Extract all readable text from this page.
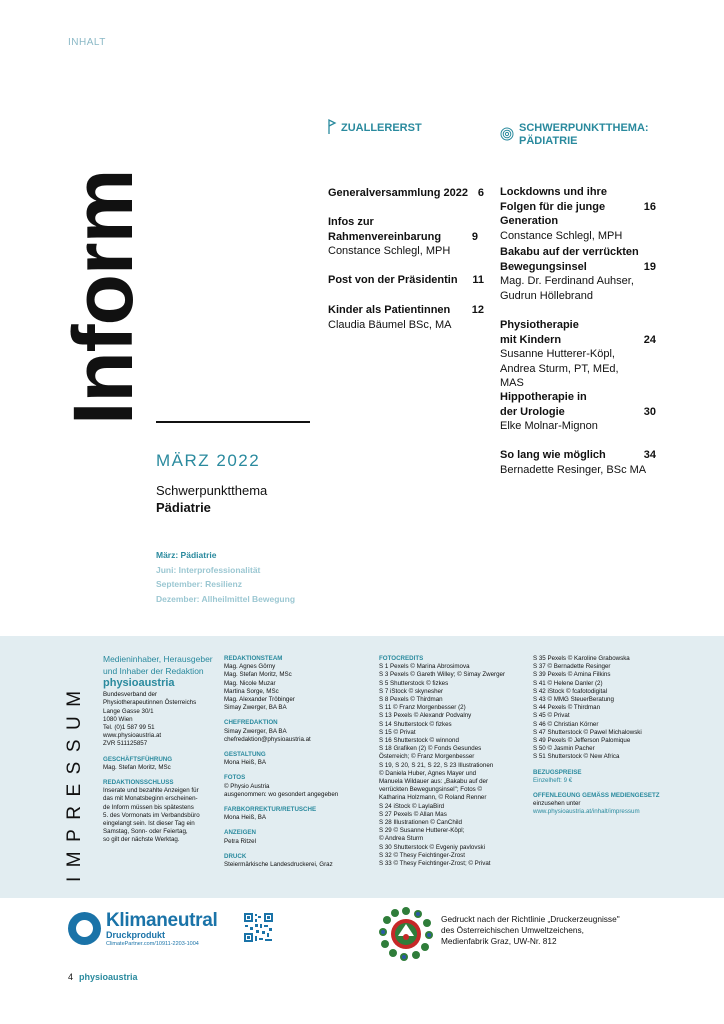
INHALT
Inform
MÄRZ 2022
Schwerpunktthema
Pädiatrie
März: Pädiatrie
Juni: Interprofessionalität
September: Resilienz
Dezember: Allheilmittel Bewegung
ZUALLERERST
Generalversammlung 2022 6
Infos zur Rahmenvereinbarung
Constance Schlegl, MPH
9
Post von der Präsidentin	11
Kinder als Patientinnen
Claudia Bäumel BSc, MA
12
SCHWERPUNKTTHEMA:
PÄDIATRIE
Lockdowns und ihre Folgen für die junge Generation
Constance Schlegl, MPH
16
Bakabu auf der verrückten Bewegungsinsel
Mag. Dr. Ferdinand Auhser, Gudrun Höllebrand
19
Physiotherapie mit Kindern
Susanne Hutterer-Köpl, Andrea Sturm, PT, MEd, MAS
24
Hippotherapie in der Urologie
Elke Molnar-Mignon
30
So lang wie möglich
Bernadette Resinger, BSc MA
34
IMPRESSUM
Medieninhaber, Herausgeber und Inhaber der Redaktion
physioaustria
Bundesverband der
Physiotherapeutinnen Österreichs
Lange Gasse 30/1
1080 Wien
Tel. (0)1 587 99 51
www.physioaustria.at
ZVR 511125857
GESCHÄFTSFÜHRUNG
Mag. Stefan Moritz, MSc
REDAKTIONSSCHLUSS
Inserate und bezahlte Anzeigen für
das mit Monatsbeginn erscheinen-
de Inform müssen bis spätestens
5. des Vormonats im Verbandsbüro
eingelangt sein. Ist dieser Tag ein
Samstag, Sonn- oder Feiertag,
so gilt der nächste Werktag.
REDAKTIONSTEAM
Mag. Agnes Görny
Mag. Stefan Moritz, MSc
Mag. Nicole Muzar
Martina Sorge, MSc
Mag. Alexander Tröbinger
Simay Zwerger, BA BA
CHEFREDAKTION
Simay Zwerger, BA BA
chefredaktion@physioaustria.at
GESTALTUNG
Mona Heiß, BA
FOTOS
© Physio Austria
ausgenommen: wo gesondert angegeben
FARBKORREKTUR/RETUSCHE
Mona Heiß, BA
ANZEIGEN
Petra Ritzel
DRUCK
Steiermärkische Landesdruckerei, Graz
FOTOCREDITS
S 1 Pexels © Marina Abrosimova
S 3 Pexels © Gareth Willey; © Simay Zwerger
S 5 Shutterstock © fizkes
S 7 iStock © skynesher
S 8 Pexels © Thirdman
S 11 © Franz Morgenbesser (2)
S 13 Pexels © Alexandr Podvalny
S 14 Shutterstock © fizkes
S 15 © Privat
S 16 Shutterstock © winnond
S 18 Grafiken (2) © Fonds Gesundes
Österreich; © Franz Morgenbesser
S 19, S 20, S 21, S 22, S 23 Illustrationen
© Daniela Huber, Agnes Mayer und
Manuela Wildauer aus: „Bakabu auf der
verrückten Bewegungsinsel"; Fotos ©
Katharina Holzmann, © Roland Renner
S 24 iStock © LaylaBird
S 27 Pexels © Allan Mas
S 28 Illustrationen © CanChild
S 29 © Susanne Hutterer-Köpl;
© Andrea Sturm
S 30 Shutterstock © Evgeniy pavlovski
S 32 © Thesy Feichtinger-Zrost
S 33 © Thesy Feichtinger-Zrost; © Privat
S 35 Pexels © Karoline Grabowska
S 37 © Bernadette Resinger
S 39 Pexels © Amina Filkins
S 41 © Helene Danler (2)
S 42 iStock © fcafotodigital
S 43 © MMG SteuerBeratung
S 44 Pexels © Thirdman
S 45 © Privat
S 46 © Christian Körner
S 47 Shutterstock © Pawel Michalowski
S 49 Pexels © Jefferson Palomique
S 50 © Jasmin Pacher
S 51 Shutterstock © New Africa
BEZUGSPREISE
Einzelheft: 9 €
OFFENLEGUNG GEMÄSS MEDIENGESETZ
einzusehen unter
www.physioaustria.at/inhalt/impressum
Klimaneutral
Druckprodukt
ClimatePartner.com/10911-2203-1004
Gedruckt nach der Richtlinie „Druckerzeugnisse"
des Österreichischen Umweltzeichens,
Medienfabrik Graz, UW-Nr. 812
4 physioaustria
